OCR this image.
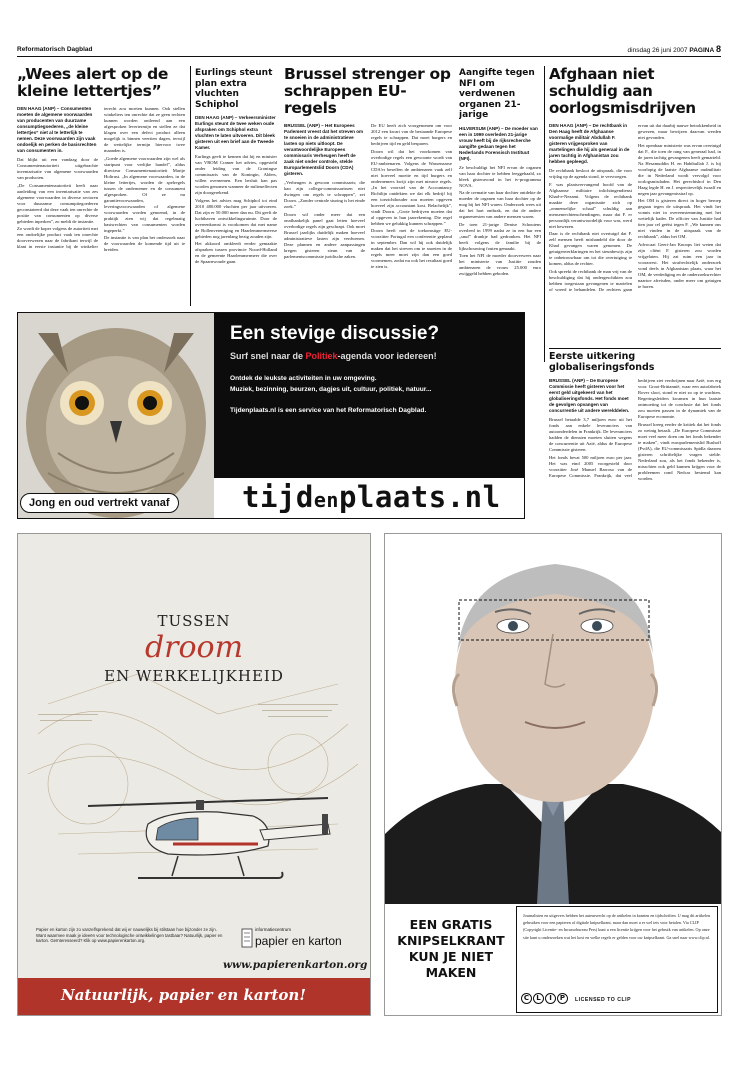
Reformatorisch Dagblad	dinsdag 26 juni 2007 PAGINA 8
„Wees alert op de kleine lettertjes”
DEN HAAG (ANP) – Consumenten moeten de algemene voorwaarden van producenten van duurzame consumptiegoederen, „de kleine lettertjes” niet al te letterlijk te nemen. Deze voorwaarden zijn vaak ondoelijk en perken de basisrechten van consumenten in.

Dat blijkt uit een vandaag door de Consumentenautoriteit uitgebrachte inventarisatie van algemene voorwaarden van producten.

„De Consumentenautoriteit heeft naar aanleiding van een inventarisatie van zes algemene voorwaarden in diverse sectoren voor duurzame consumptiegoederen geconstateerd dat deze vaak ten onrechte de positie van consumenten op diverse gebieden inperken”, zo meldt de instantie.

Zo wordt de koper volgens de autoriteit met een ondoelijke product vaak ten onrechte doorverwezen naar de fabrikant terwijl de klant in eerste instantie bij de winkelier terecht zou moeten kunnen. Ook stellen winkeliers ten onrechte dat ze geen rechten kunnen worden ontleend aan een afgesproken levertermijn en stellen ze dat klagen over een defect product alleen mogelijk is binnen veertien dagen, terwijl de wettelijke termijn hiervoor twee maanden is.

„Goede algemene voorwaarden zijn wel als startpunt voor verlijke handel”, aldus directeur Consumentenautoriteit Marije Holtrust. „In algemene voorwaarden, in de kleine lettertjes, worden de spelregels tussen de ondernemer en de consument afgesproken. Of ze nu garantievoorwaarden, leveringsvoorwaarden of algemene voorwaarden worden genoemd, in de praktijk zien wij dat regelmatig basisrechten van consumenten worden ingeperkt.”

De instantie is van plan het onderzoek naar de voorwaarden de komende tijd uit te breiden.

Eurlings steunt plan extra vluchten Schiphol
DEN HAAG (ANP) – Verkeersminister Eurlings steunt de twee weken oude afspraken om Schiphol extra vluchten te laten uitvoeren. Dit bleek gisteren uit een brief aan de Tweede Kamer.

Eurlings geeft te kennen dat hij en minister van VROM Cramer het advies, opgesteld onder leiding van de Groningse commissaris van de Koningin, Alders, willen overnemen. Een besluit kan pas worden genomen wanneer de milieueffecten zijn doorgerekend.

Volgens het advies mag Schiphol tot eind 2010 480.000 vluchten per jaar uitvoeren. Dat zijn er 50.000 meer dan nu. Dit geeft de luchthaven ontwikkelingsruimte. Door de overeenkomst is voorkomen dat met name de Bollenvereniging en Haarlemmermeerse gebieden nog jarenlang bezig zouden zijn.

Het akkoord omkleedt eerder gemaakte afspraken tussen provincie Noord-Holland en de gemeente Haarlemmermeer die over de Spaarnwoude gaan.

Brussel strenger op schrappen EU-regels
BRUSSEL (ANP) – Het Europees Parlement vreest dat het streven om te snoeien in de administratieve lasten op niets uitloopt. De verantwoordelijke Europees commissaris Verheugen heeft de zaak niet onder controle, stelde Europarlementslid Doorn (CDA) gisteren.

„Verheugen is gewoon commissaris; die kan zijn collega-commissarissen niet dwingen om regels te schrappen”, zei Doorn. „Zonder centrale sturing is het einde zoek.”

Doorn wil onder meer dat een onafhankelijk panel gaat letten hoeveel overbodige regels zijn geschrapt. Ook moet Brussel jaarlijks duidelijk maken hoeveel administratieve lasten zijn verdwenen. Deze plannen en andere aanpassingen kregen gisteren steun van de parlementscommissie juridische zaken.

De EU heeft zich voorgenomen om voor 2012 een kwart van de bestaande Europese regels te schrappen. Dat moet burgers en bedrijven tijd en geld besparen.

Doorn wil dat het voorkomen van overbodige regels een gewoonte wordt van EU-ambtenaren. Volgens de Wassenaarse CDA'er beseffen de ambtenaren vaak zelf niet hoeveel moeite en tijd burgers en ondernemers kwijt zijn met nieuwe regels. „In het voorstel van de Accountancy Richtlijn ontdekten we dat elk bedrijf bij een toezichthouder zou moeten opgeven hoeveel zijn accountant kost. Belachelijk”, vindt Doorn. „Grote bedrijven moeten dat al opgeven in hun jaarrekening. Die regel hebben we gelukkig kunnen schrappen.”

Doorn heeft met de toekomstige EU-voorzitter Portugal een conferentie gepland in september. Dan wil hij ook duidelijk maken dat het streven om te snoeien in de regels meer moet zijn dan een goed voornemen, zodat nu ook het resultaat goed te zien is.

Aangifte tegen NFI om verdwenen organen 21-jarige
HILVERSUM (ANP) – De moeder van een in 1999 overleden 21-jarige vrouw heeft bij de rijksrecherche aangifte gedaan tegen het Nederlands Forensisch Instituut (NFI).

Ze beschuldigt het NFI ervan de organen van haar dochter te hebben leeggehaald, zo bleek gisteravond in het tv-programma NOVA.

Na de crematie van haar dochter ontdekte de moeder de organen van haar dochter op de mog bij het NFI waren. Onderzoek wees uit dat het hart ontbrak, en dat de andere organenresten van andere mensen waren.

De toen 21-jarige Denise Schoutens overleed in 1999 nadat ze in een bar een „snuf” drankje had gedronken. Het NFI heeft volgens de familie bij de lijkschouwing fouten gemaakt.

Toen het NFI de moeder doorverwees naar het ministerie van Justitie zouden ambtenaren de vrouw 25.000 euro zwijggeld hebben geboden.

Afghaan niet schuldig aan oorlogsmisdrijven
DEN HAAG (ANP) – De rechtbank in Den Haag heeft de Afghaanse voormalige militair Abdullah F. gisteren vrijgesproken van martelingen die hij als generaal in de jaren tachtig in Afghanistan zou hebben gepleegd.

De rechtbank besloot de uitspraak, die voor vrijdag op de agenda stond, te vervroegen.

F. was plaatsvervangend hoofd van de Afghaanse militaire inlichtingendienst Khad-e-Nezami. Volgens de rechtbank maakte deze organisatie zich op „onmenselijke schaal” schuldig aan mensenrechtenschendingen, maar dat F. er persoonlijk verantwoordelijk voor was, werd niet bewezen.

Daar is de rechtbank niet overtuigd dat F. zelf mensen heeft mishandeld die door de Khad gevangen waren genomen. De getuigenverklaringen en het steunbewijs zijn te onbetrouwbaar om tot die overtuiging te komen, aldus de rechter.

Ook spreekt de rechtbank de man vrij van de beschuldiging dat hij ondergeschikten zou hebben toegestaan gevangenen te martelen of wreed te behandelen. De rechters gaan ervan uit dat daarbij nauwe betrokkenheid in gewezen, maar bewijzen daarvan werden niet gevonden.

Het openbaar ministerie was ervan overtuigd dat F., die toen de rang van generaal had, in de jaren tachtig gevangenen heeft gemarteld. Na Hesamuddin H. en Habibullah J. is hij voorlopig de laatste Afghaanse oudmilitair die in Nederland wordt vervolgd voor oorlogsmisdaden. Het gerechtshof in Den Haag legde H. en J. respectievelijk twaalf en negen jaar gevangenisstraf op.

Het OM is gisteren direct in hoger beroep gegaan tegen de uitspraak. Het vindt het vonnis niet in overeenstemming met het wettelijk kader. De officier van Justitie had tien jaar cel geëist tegen F. „We kunnen ons niet vinden in de uitspraak van de rechtbank”, aldus het OM.

Advocaat Geert-Jan Knoops liet weten dat zijn cliënt F. gisteren zou worden vrijgelaten. Hij zat ruim een jaar in voorarrest. Het strafrechtelijk onderzoek vond deels in Afghanistan plaats, waar het OM, de verdediging en de onderzoeksrechter naartoe afreisden, onder meer om getuigen te horen.

Eerste uitkering globaliseringsfonds
BRUSSEL (ANP) – De Europese Commissie heeft gisteren voor het eerst geld uitgekeerd van het globaliseringsfonds. Het fonds moet de gevolgen opvangen van concurrentie uit andere werelddelen.

Brussel betaalde 3,7 miljoen euro uit het fonds aan enkele leveranciers van autoonderdelen in Frankrijk. De leveranciers hadden de diensten moeten sluiten wegens de concurrentie uit Azië, aldus de Europese Commissie gisteren.

Het fonds bevat 500 miljoen euro per jaar. Het was eind 2005 voorgesteld door voorzitter José Manuel Barroso van de Europese Commissie. Frankrijk, dat veel bedrijven ziet verdwijnen naar Azië, was erg voor. Groot-Brittannië, waar een autofabriek Rover sloot, stond er niet zo op te wachten. Regeringsleiders kwamen in hun laatste ontmoeting tot de conclusie dat het fonds zou moeten passen in de dynamiek van de Europese economie.

Brussel kreeg eerder de kritiek dat het fonds zo weinig betaalt. „De Europese Commissie moet veel meer doen om het fonds bekender te maken”, vindt europarlementslid Bushoff (PvdA), die EU-commissaris Spidla daarom gisteren schriftelijke vragen stelde. Nederland zou, als het fonds bekender is, misschien ook geld kunnen krijgen voor de probleemen rond Nedcar bestemd kan worden.

Een stevige discussie?
Surf snel naar de Politiek-agenda voor iedereen!
Ontdek de leukste activiteiten in uw omgeving.
Muziek, bezinning, beurzen, dagjes uit, cultuur, politiek, natuur...
Tijdenplaats.nl is een service van het Reformatorisch Dagblad.
tijdenplaats.nl
Jong en oud vertrekt vanaf
TUSSEN
droom
EN WERKELIJKHEID
Papier en karton zijn zo vanzelfsprekend dat wij er nauwelijks bij stilstaan hoe bijzonder ze zijn. Want waarmee maak je ideeën voor technologische ontwikkelingen tastbaar? Natuurlijk, papier en karton. Geïnteresseerd? Klik op www.papierenkarton.org.
informatiecentrum
papier en karton
www.papierenkarton.org
Natuurlijk, papier en karton!
EEN GRATIS KNIPSELKRANT KUN JE NIET MAKEN
Journalisten en uitgevers hebben het auteursrecht op de artikelen in kranten en tijdschriften. U mag dit artikelen gebruiken voor een papieren of digitale knipselkrant, maar dan moet u er wel iets voor betalen. Via CLIP (Copyright Licentie- en Incassobureau Pers) kunt u een licentie krijgen voor het gebruik van artikelen. Op onze site kunt u onderzoeken wat het kost en welke regels er gelden voor uw knipselkrant. Ga snel naar www.clip.nl.
C L I P	LICENSED TO CLIP
